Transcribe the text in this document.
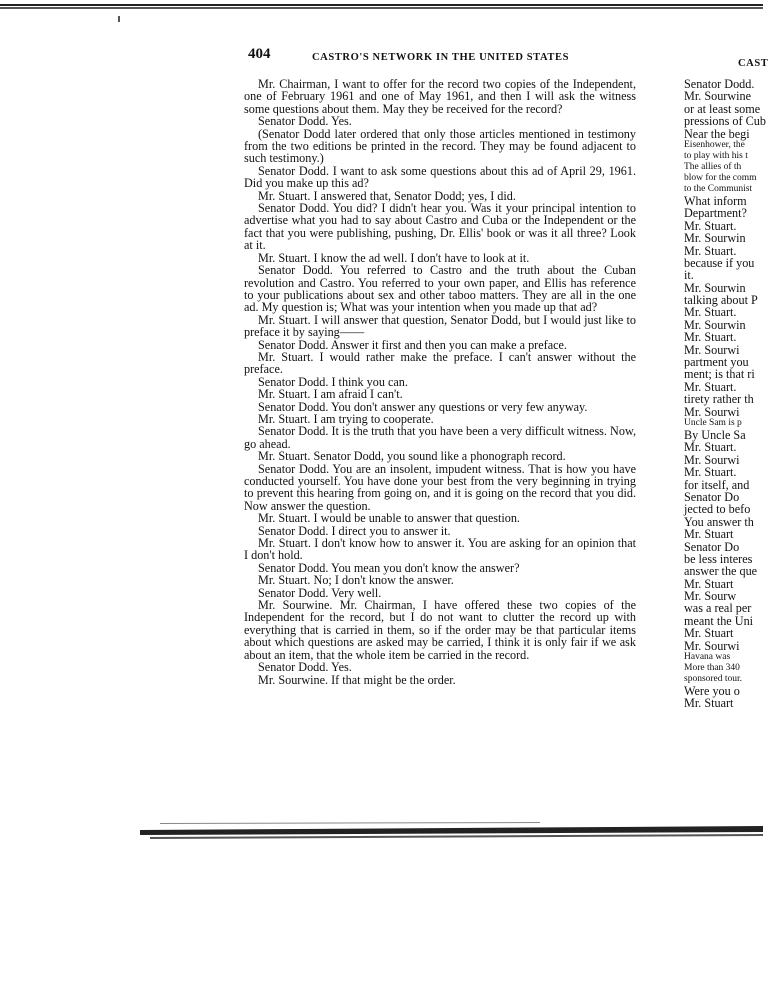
404	CASTRO'S NETWORK IN THE UNITED STATES
CAST

Mr. Chairman, I want to offer for the record two copies of the Independent, one of February 1961 and one of May 1961, and then I will ask the witness some questions about them. May they be received for the record?

Senator Dodd. Yes.

(Senator Dodd later ordered that only those articles mentioned in testimony from the two editions be printed in the record. They may be found adjacent to such testimony.)

Senator Dodd. I want to ask some questions about this ad of April 29, 1961. Did you make up this ad?

Mr. Stuart. I answered that, Senator Dodd; yes, I did.

Senator Dodd. You did? I didn't hear you. Was it your principal intention to advertise what you had to say about Castro and Cuba or the Independent or the fact that you were publishing, pushing, Dr. Ellis' book or was it all three? Look at it.

Mr. Stuart. I know the ad well. I don't have to look at it.

Senator Dodd. You referred to Castro and the truth about the Cuban revolution and Castro. You referred to your own paper, and Ellis has reference to your publications about sex and other taboo matters. They are all in the one ad. My question is; What was your intention when you made up that ad?

Mr. Stuart. I will answer that question, Senator Dodd, but I would just like to preface it by saying——

Senator Dodd. Answer it first and then you can make a preface.

Mr. Stuart. I would rather make the preface. I can't answer without the preface.

Senator Dodd. I think you can.

Mr. Stuart. I am afraid I can't.

Senator Dodd. You don't answer any questions or very few anyway.

Mr. Stuart. I am trying to cooperate.

Senator Dodd. It is the truth that you have been a very difficult witness. Now, go ahead.

Mr. Stuart. Senator Dodd, you sound like a phonograph record.

Senator Dodd. You are an insolent, impudent witness. That is how you have conducted yourself. You have done your best from the very beginning in trying to prevent this hearing from going on, and it is going on the record that you did. Now answer the question.

Mr. Stuart. I would be unable to answer that question.

Senator Dodd. I direct you to answer it.

Mr. Stuart. I don't know how to answer it. You are asking for an opinion that I don't hold.

Senator Dodd. You mean you don't know the answer?

Mr. Stuart. No; I don't know the answer.

Senator Dodd. Very well.

Mr. Sourwine. Mr. Chairman, I have offered these two copies of the Independent for the record, but I do not want to clutter the record up with everything that is carried in them, so if the order may be that particular items about which questions are asked may be carried, I think it is only fair if we ask about an item, that the whole item be carried in the record.

Senator Dodd. Yes.

Mr. Sourwine. If that might be the order.

Senator Dodd.
Mr. Sourwine
or at least some
pressions of Cub
Near the begi
Eisenhower, the
to play with his t
The allies of th
blow for the comm
to the Communist
What inform
Department?
Mr. Stuart.
Mr. Sourwin
Mr. Stuart.
because if you
it.
Mr. Sourwin
talking about P
Mr. Stuart.
Mr. Sourwin
Mr. Stuart.
Mr. Sourwi
partment you
ment; is that ri
Mr. Stuart.
tirety rather th
Mr. Sourwi
Uncle Sam is p
By Uncle Sa
Mr. Stuart.
Mr. Sourwi
Mr. Stuart.
for itself, and
Senator Do
jected to befo
You answer th
Mr. Stuart
Senator Do
be less interes
answer the que
Mr. Stuart
Mr. Sourw
was a real per
meant the Uni
Mr. Stuart
Mr. Sourwi
Havana was
More than 340
sponsored tour.
Were you o
Mr. Stuart
